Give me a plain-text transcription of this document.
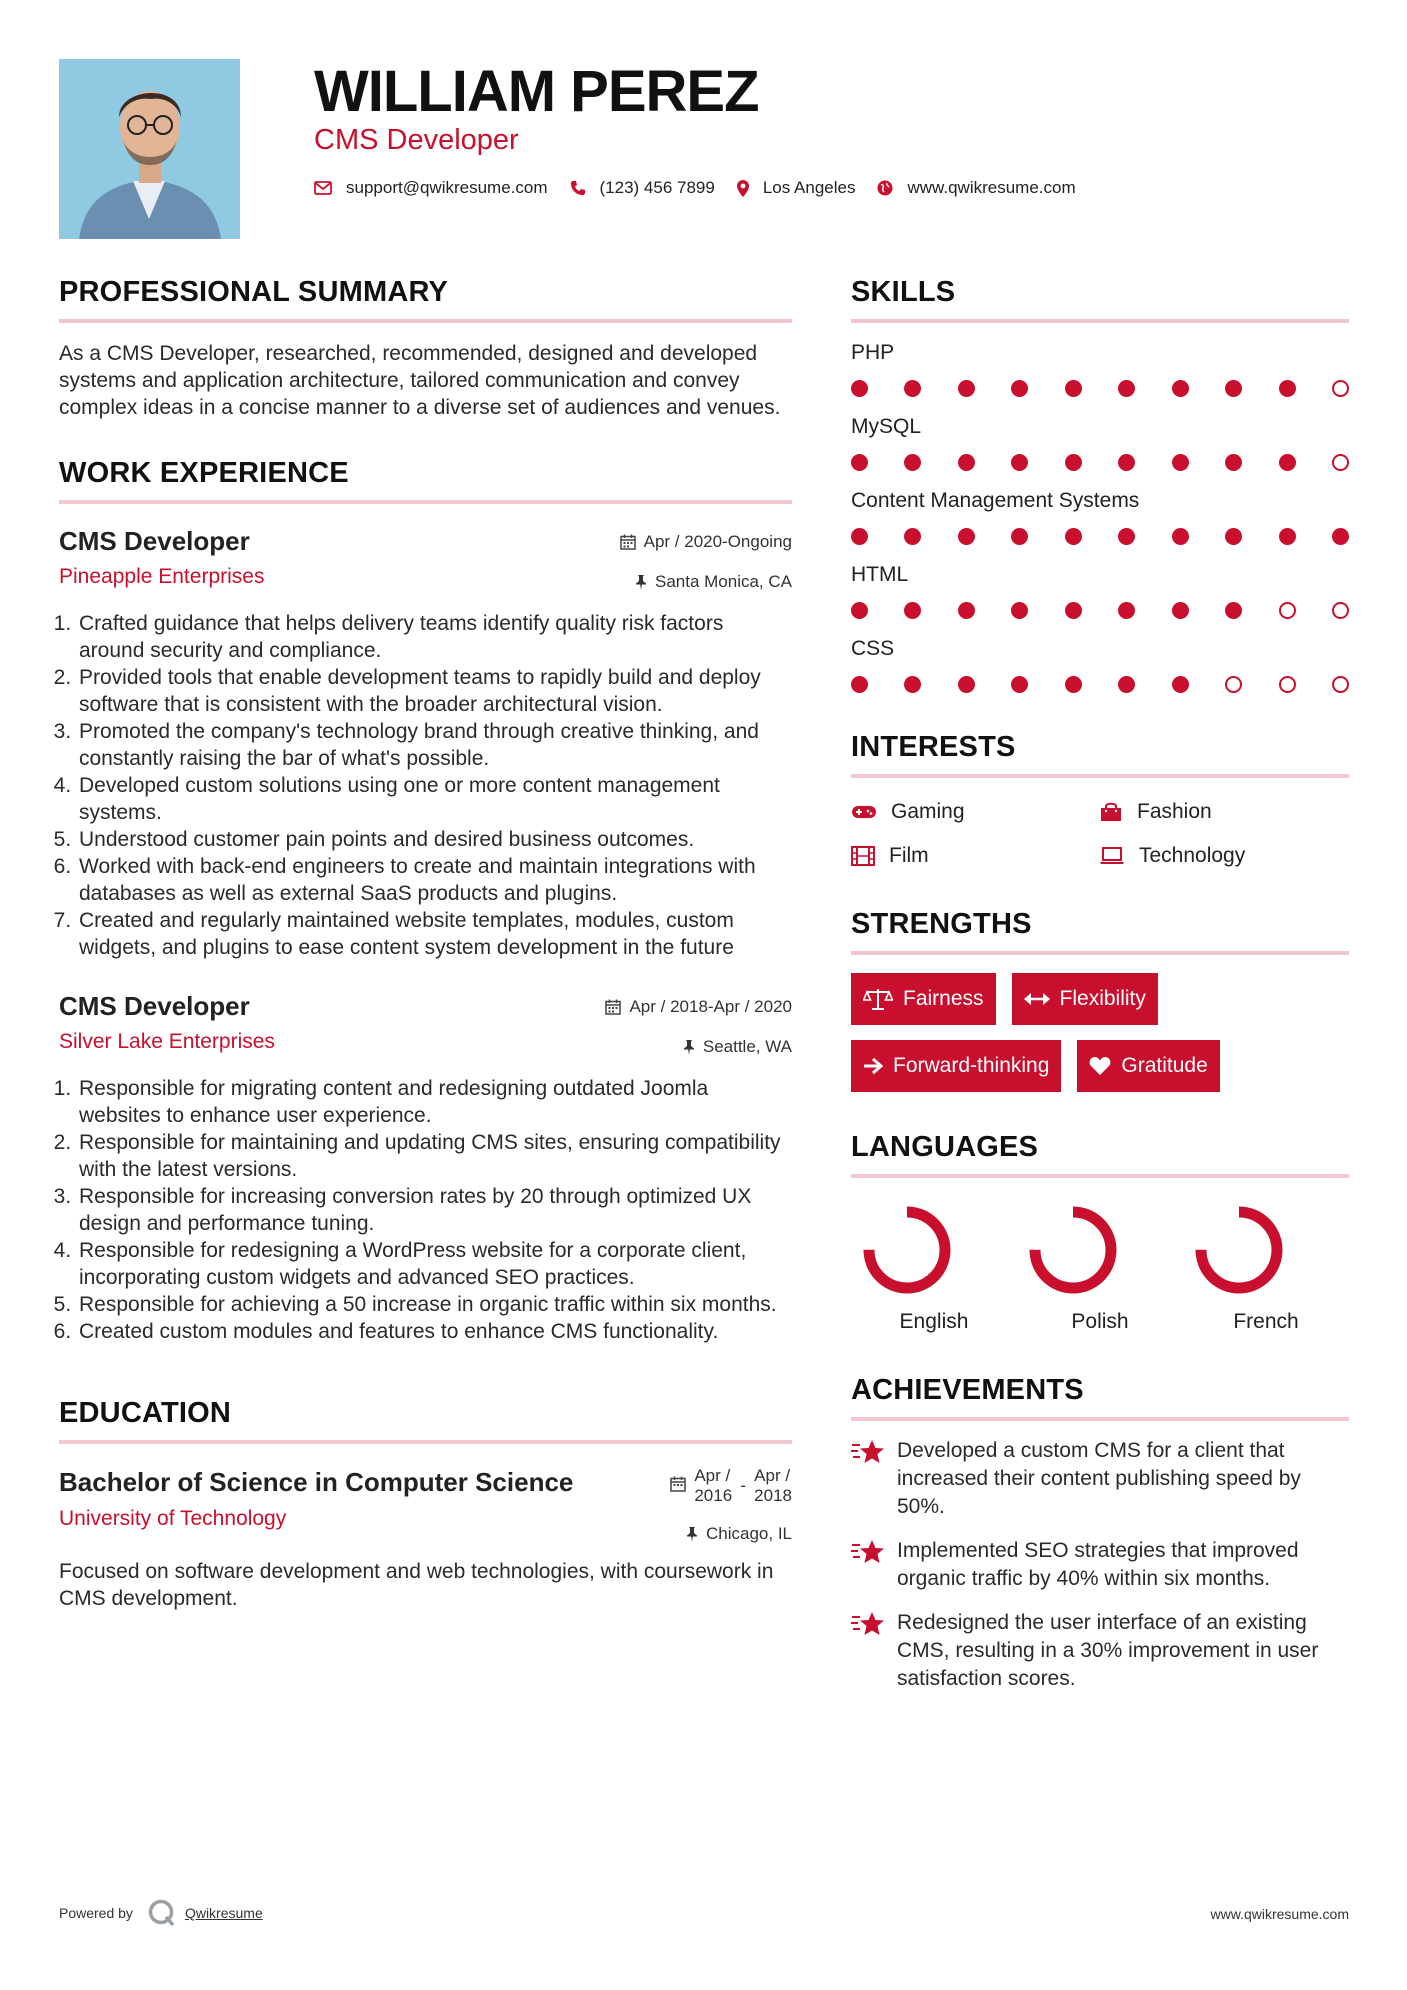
WILLIAM PEREZ

CMS Developer

support@qwikresume.com	(123) 456 7899	Los Angeles	www.qwikresume.com
PROFESSIONAL SUMMARY

As a CMS Developer, researched, recommended, designed and developed systems and application architecture, tailored communication and convey complex ideas in a concise manner to a diverse set of audiences and venues.

WORK EXPERIENCE
CMS Developer

Pineapple Enterprises

Apr / 2020-Ongoing
Santa Monica, CA
1. Crafted guidance that helps delivery teams identify quality risk factors around security and compliance.
2. Provided tools that enable development teams to rapidly build and deploy software that is consistent with the broader architectural vision.
3. Promoted the company's technology brand through creative thinking, and constantly raising the bar of what's possible.
4. Developed custom solutions using one or more content management systems.
5. Understood customer pain points and desired business outcomes.
6. Worked with back-end engineers to create and maintain integrations with databases as well as external SaaS products and plugins.
7. Created and regularly maintained website templates, modules, custom widgets, and plugins to ease content system development in the future
CMS Developer

Silver Lake Enterprises

Apr / 2018-Apr / 2020
Seattle, WA
1. Responsible for migrating content and redesigning outdated Joomla websites to enhance user experience.
2. Responsible for maintaining and updating CMS sites, ensuring compatibility with the latest versions.
3. Responsible for increasing conversion rates by 20 through optimized UX design and performance tuning.
4. Responsible for redesigning a WordPress website for a corporate client, incorporating custom widgets and advanced SEO practices.
5. Responsible for achieving a 50 increase in organic traffic within six months.
6. Created custom modules and features to enhance CMS functionality.
EDUCATION
Bachelor of Science in Computer Science

University of Technology

Apr /
2016
-
Apr /
2018
Chicago, IL

Focused on software development and web technologies, with coursework in CMS development.

SKILLS

PHP

MySQL

Content Management Systems

HTML

CSS

INTERESTS
Gaming	Fashion
Film	Technology
STRENGTHS
Fairness	Flexibility
Forward-thinking	Gratitude
LANGUAGES

English	Polish	French

ACHIEVEMENTS

Developed a custom CMS for a client that increased their content publishing speed by 50%.

Implemented SEO strategies that improved organic traffic by 40% within six months.

Redesigned the user interface of an existing CMS, resulting in a 30% improvement in user satisfaction scores.

Powered by	Qwikresume	www.qwikresume.com
